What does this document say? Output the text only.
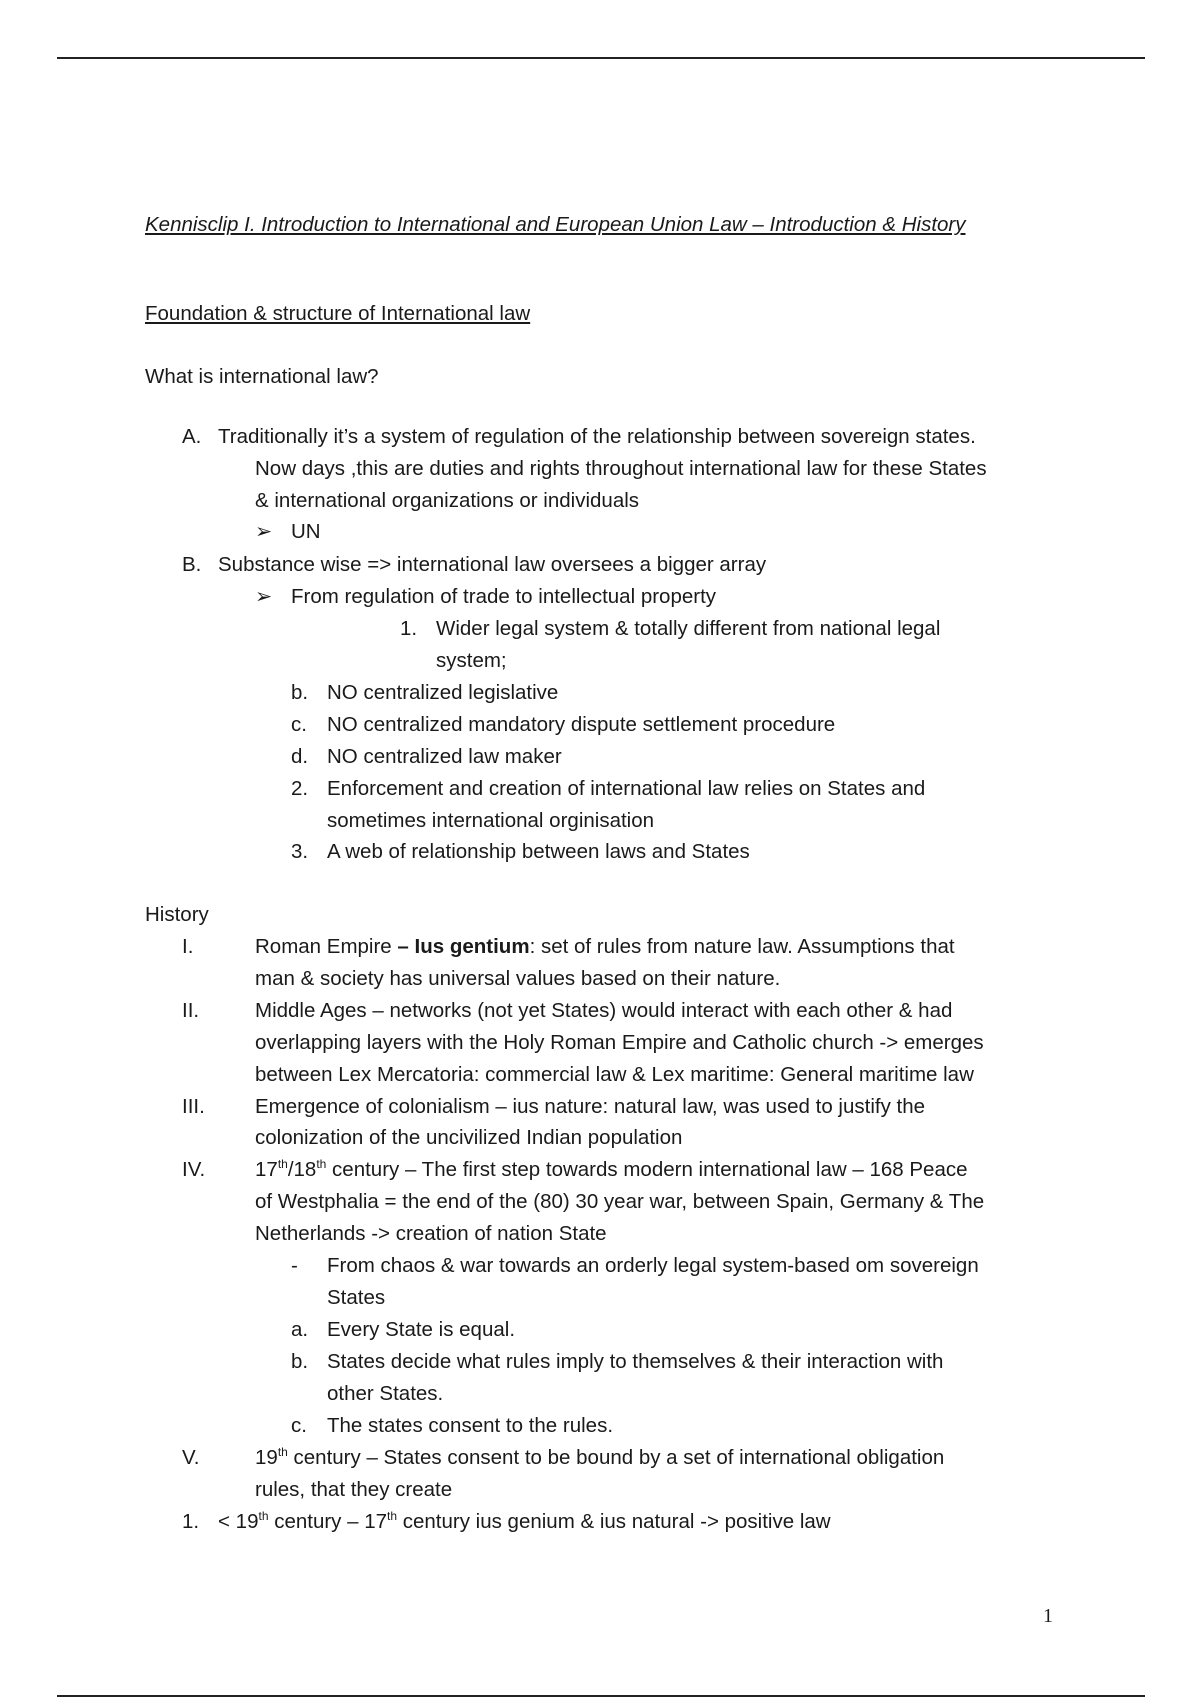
Kennisclip I. Introduction to International and European Union Law – Introduction & History
Foundation & structure of International law
What is international law?
A. Traditionally it’s a system of regulation of the relationship between sovereign states.
Now days ,this are duties and rights throughout international law for these States
& international organizations or individuals
➢ UN
B. Substance wise => international law oversees a bigger array
➢ From regulation of trade to intellectual property
1. Wider legal system & totally different from national legal
system;
b. NO centralized legislative
c. NO centralized mandatory dispute settlement procedure
d. NO centralized law maker
2. Enforcement and creation of international law relies on States and
sometimes international orginisation
3. A web of relationship between laws and States
History
I.	Roman Empire – Ius gentium: set of rules from nature law. Assumptions that
man & society has universal values based on their nature.
II.	Middle Ages – networks (not yet States) would interact with each other & had
overlapping layers with the Holy Roman Empire and Catholic church -> emerges
between Lex Mercatoria: commercial law & Lex maritime: General maritime law
III. Emergence of colonialism – ius nature: natural law, was used to justify the
colonization of the uncivilized Indian population
IV. 17th/18th century – The first step towards modern international law – 168 Peace
of Westphalia = the end of the (80) 30 year war, between Spain, Germany & The
Netherlands -> creation of nation State
- From chaos & war towards an orderly legal system-based om sovereign
States
a. Every State is equal.
b. States decide what rules imply to themselves & their interaction with
other States.
c. The states consent to the rules.
V.	19th century – States consent to be bound by a set of international obligation
rules, that they create
1. < 19th century – 17th century ius genium & ius natural -> positive law
1
